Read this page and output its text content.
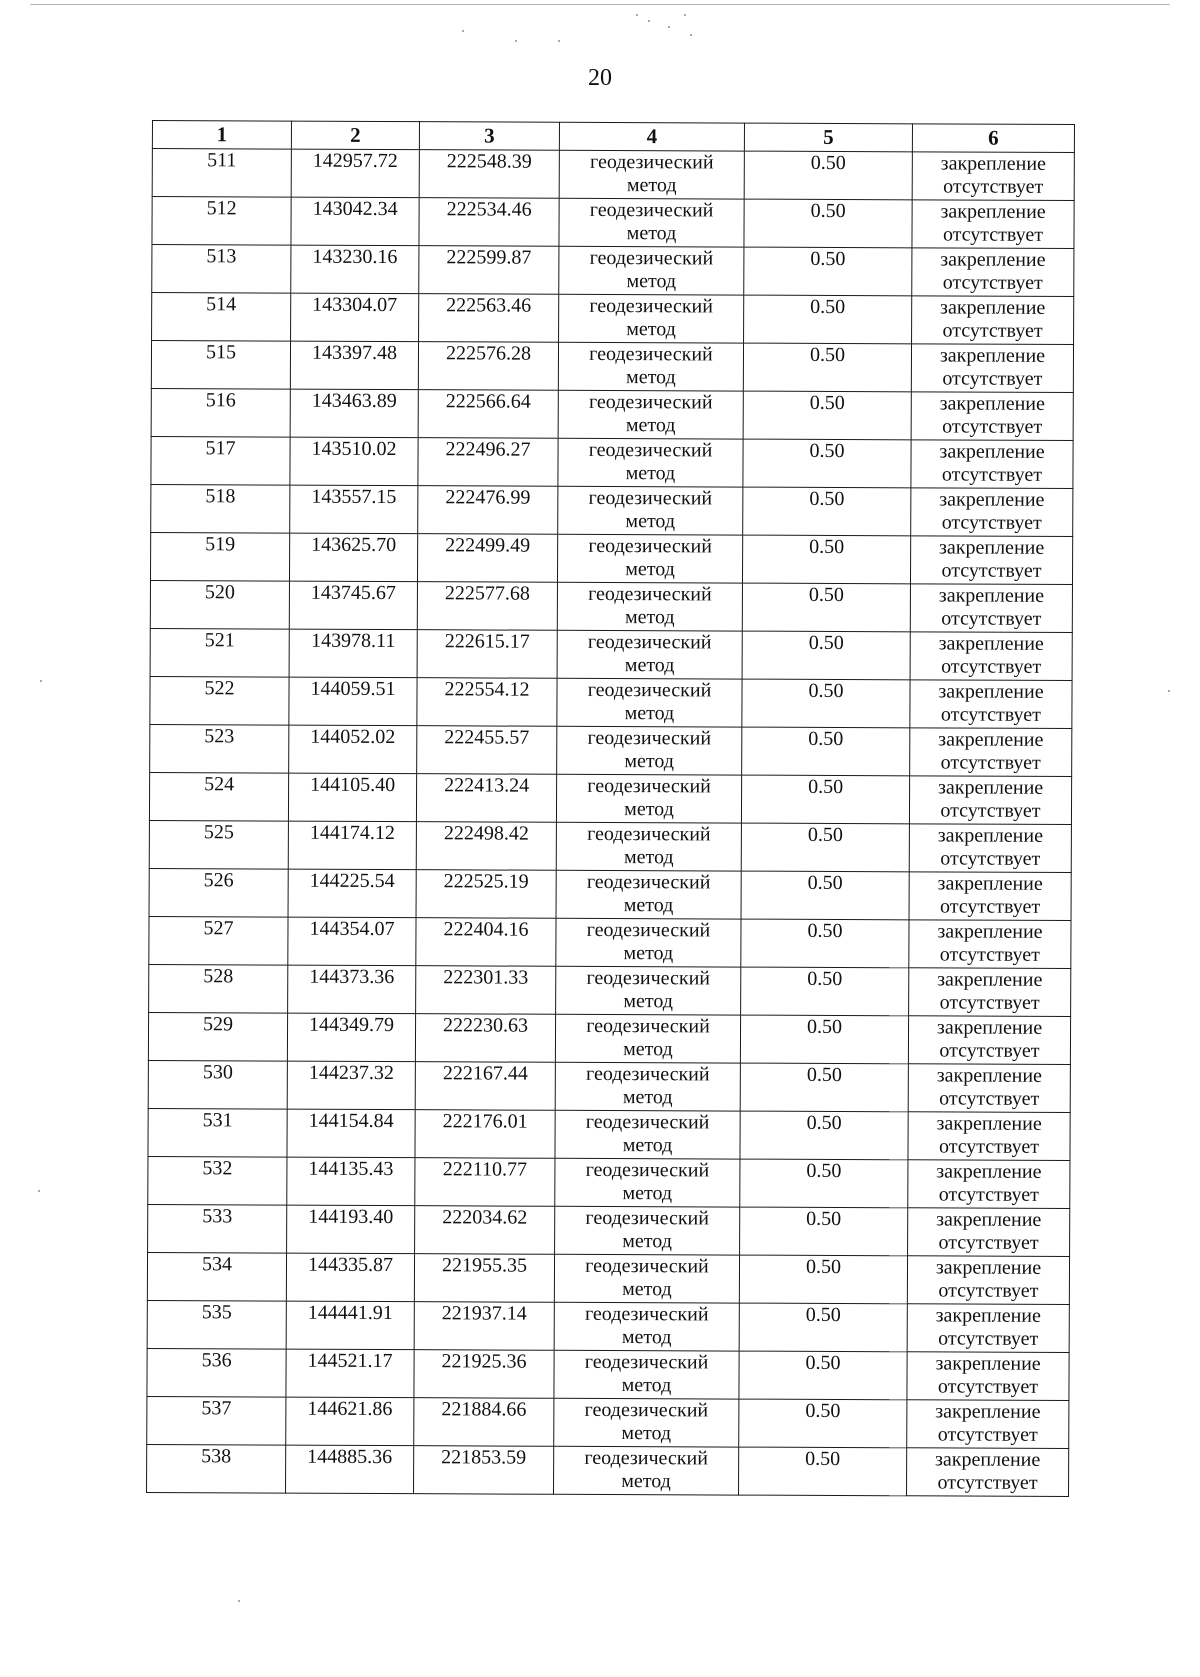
20
1	2	3	4	5	6
511	142957.72	222548.39	геодезический
метод	0.50	закрепление
отсутствует

512	143042.34	222534.46	геодезический
метод	0.50	закрепление
отсутствует

513	143230.16	222599.87	геодезический
метод	0.50	закрепление
отсутствует

514	143304.07	222563.46	геодезический
метод	0.50	закрепление
отсутствует

515	143397.48	222576.28	геодезический
метод	0.50	закрепление
отсутствует

516	143463.89	222566.64	геодезический
метод	0.50	закрепление
отсутствует

517	143510.02	222496.27	геодезический
метод	0.50	закрепление
отсутствует

518	143557.15	222476.99	геодезический
метод	0.50	закрепление
отсутствует

519	143625.70	222499.49	геодезический
метод	0.50	закрепление
отсутствует

520	143745.67	222577.68	геодезический
метод	0.50	закрепление
отсутствует

521	143978.11	222615.17	геодезический
метод	0.50	закрепление
отсутствует

522	144059.51	222554.12	геодезический
метод	0.50	закрепление
отсутствует

523	144052.02	222455.57	геодезический
метод	0.50	закрепление
отсутствует

524	144105.40	222413.24	геодезический
метод	0.50	закрепление
отсутствует

525	144174.12	222498.42	геодезический
метод	0.50	закрепление
отсутствует

526	144225.54	222525.19	геодезический
метод	0.50	закрепление
отсутствует

527	144354.07	222404.16	геодезический
метод	0.50	закрепление
отсутствует

528	144373.36	222301.33	геодезический
метод	0.50	закрепление
отсутствует

529	144349.79	222230.63	геодезический
метод	0.50	закрепление
отсутствует

530	144237.32	222167.44	геодезический
метод	0.50	закрепление
отсутствует

531	144154.84	222176.01	геодезический
метод	0.50	закрепление
отсутствует

532	144135.43	222110.77	геодезический
метод	0.50	закрепление
отсутствует

533	144193.40	222034.62	геодезический
метод	0.50	закрепление
отсутствует

534	144335.87	221955.35	геодезический
метод	0.50	закрепление
отсутствует

535	144441.91	221937.14	геодезический
метод	0.50	закрепление
отсутствует

536	144521.17	221925.36	геодезический
метод	0.50	закрепление
отсутствует

537	144621.86	221884.66	геодезический
метод	0.50	закрепление
отсутствует

538	144885.36	221853.59	геодезический
метод	0.50	закрепление
отсутствует
